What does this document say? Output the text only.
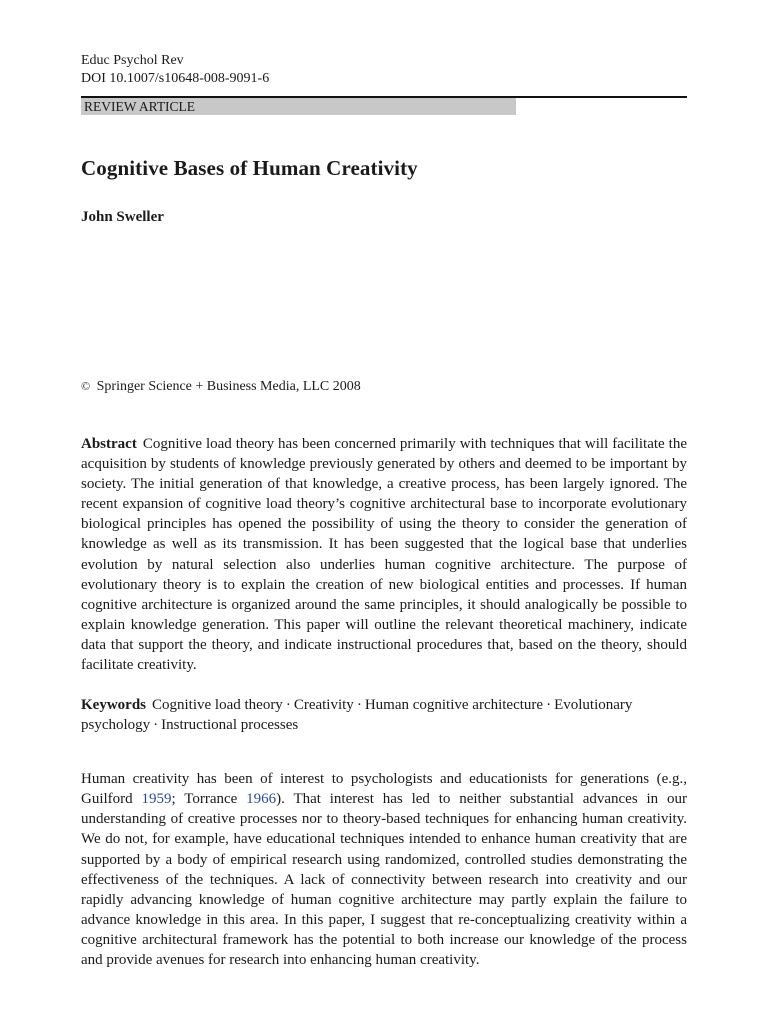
Educ Psychol Rev

DOI 10.1007/s10648-008-9091-6

REVIEW ARTICLE
Cognitive Bases of Human Creativity

John Sweller

© Springer Science + Business Media, LLC 2008

Abstract Cognitive load theory has been concerned primarily with techniques that will facilitate the acquisition by students of knowledge previously generated by others and deemed to be important by society. The initial generation of that knowledge, a creative process, has been largely ignored. The recent expansion of cognitive load theory’s cognitive architectural base to incorporate evolutionary biological principles has opened the possibility of using the theory to consider the generation of knowledge as well as its transmission. It has been suggested that the logical base that underlies evolution by natural selection also underlies human cognitive architecture. The purpose of evolutionary theory is to explain the creation of new biological entities and processes. If human cognitive architecture is organized around the same principles, it should analogically be possible to explain knowledge generation. This paper will outline the relevant theoretical machinery, indicate data that support the theory, and indicate instructional procedures that, based on the theory, should facilitate creativity.

Keywords Cognitive load theory · Creativity · Human cognitive architecture · Evolutionary psychology · Instructional processes

Human creativity has been of interest to psychologists and educationists for generations (e.g., Guilford 1959; Torrance 1966). That interest has led to neither substantial advances in our understanding of creative processes nor to theory-based techniques for enhancing human creativity. We do not, for example, have educational techniques intended to enhance human creativity that are supported by a body of empirical research using randomized, controlled studies demonstrating the effectiveness of the techniques. A lack of connectivity between research into creativity and our rapidly advancing knowledge of human cognitive architecture may partly explain the failure to advance knowledge in this area. In this paper, I suggest that re-conceptualizing creativity within a cognitive architectural framework has the potential to both increase our knowledge of the process and provide avenues for research into enhancing human creativity.
